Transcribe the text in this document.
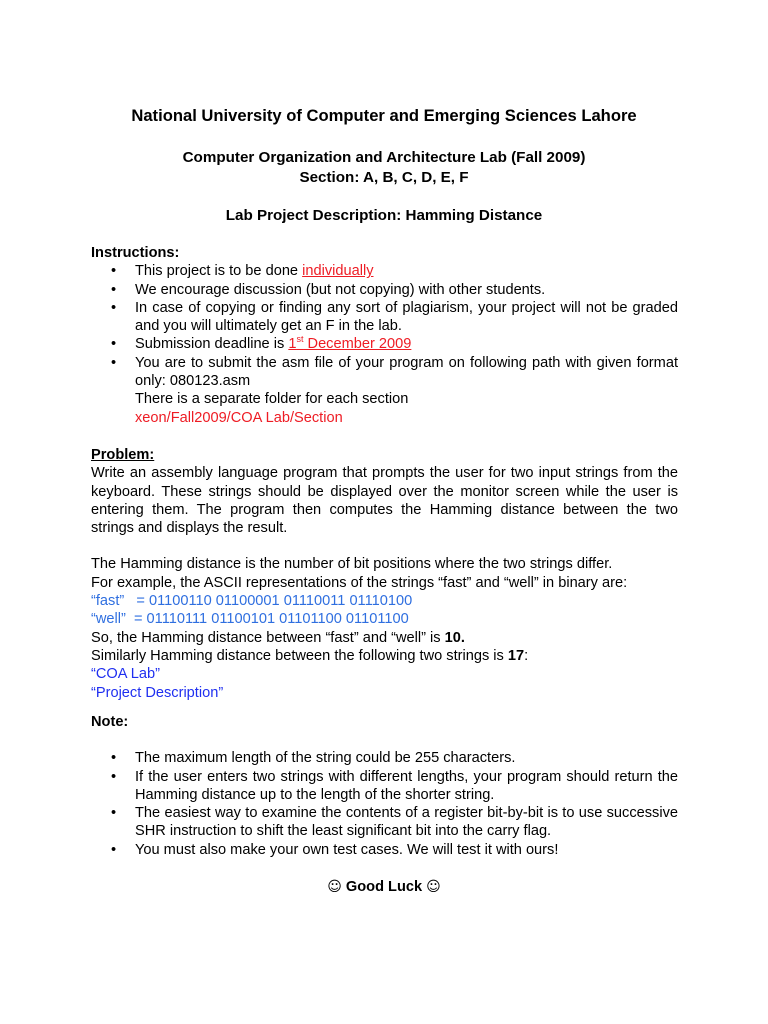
National University of Computer and Emerging Sciences Lahore
Computer Organization and Architecture Lab (Fall 2009)
Section: A, B, C, D, E, F
Lab Project Description: Hamming Distance
Instructions:
• This project is to be done individually
• We encourage discussion (but not copying) with other students.
• In case of copying or finding any sort of plagiarism, your project will not be graded and you will ultimately get an F in the lab.
• Submission deadline is 1st December 2009
• You are to submit the asm file of your program on following path with given format only: 080123.asm
There is a separate folder for each section
xeon/Fall2009/COA Lab/Section
Problem:
Write an assembly language program that prompts the user for two input strings from the keyboard. These strings should be displayed over the monitor screen while the user is entering them. The program then computes the Hamming distance between the two strings and displays the result.
The Hamming distance is the number of bit positions where the two strings differ.
For example, the ASCII representations of the strings “fast” and “well” in binary are:
“fast”   = 01100110 01100001 01110011 01110100
“well”  = 01110111 01100101 01101100 01101100
So, the Hamming distance between “fast” and “well” is 10.
Similarly Hamming distance between the following two strings is 17:
“COA Lab”
“Project Description”
Note:
• The maximum length of the string could be 255 characters.
• If the user enters two strings with different lengths, your program should return the Hamming distance up to the length of the shorter string.
• The easiest way to examine the contents of a register bit-by-bit is to use successive SHR instruction to shift the least significant bit into the carry flag.
• You must also make your own test cases. We will test it with ours!
☺ Good Luck ☺
